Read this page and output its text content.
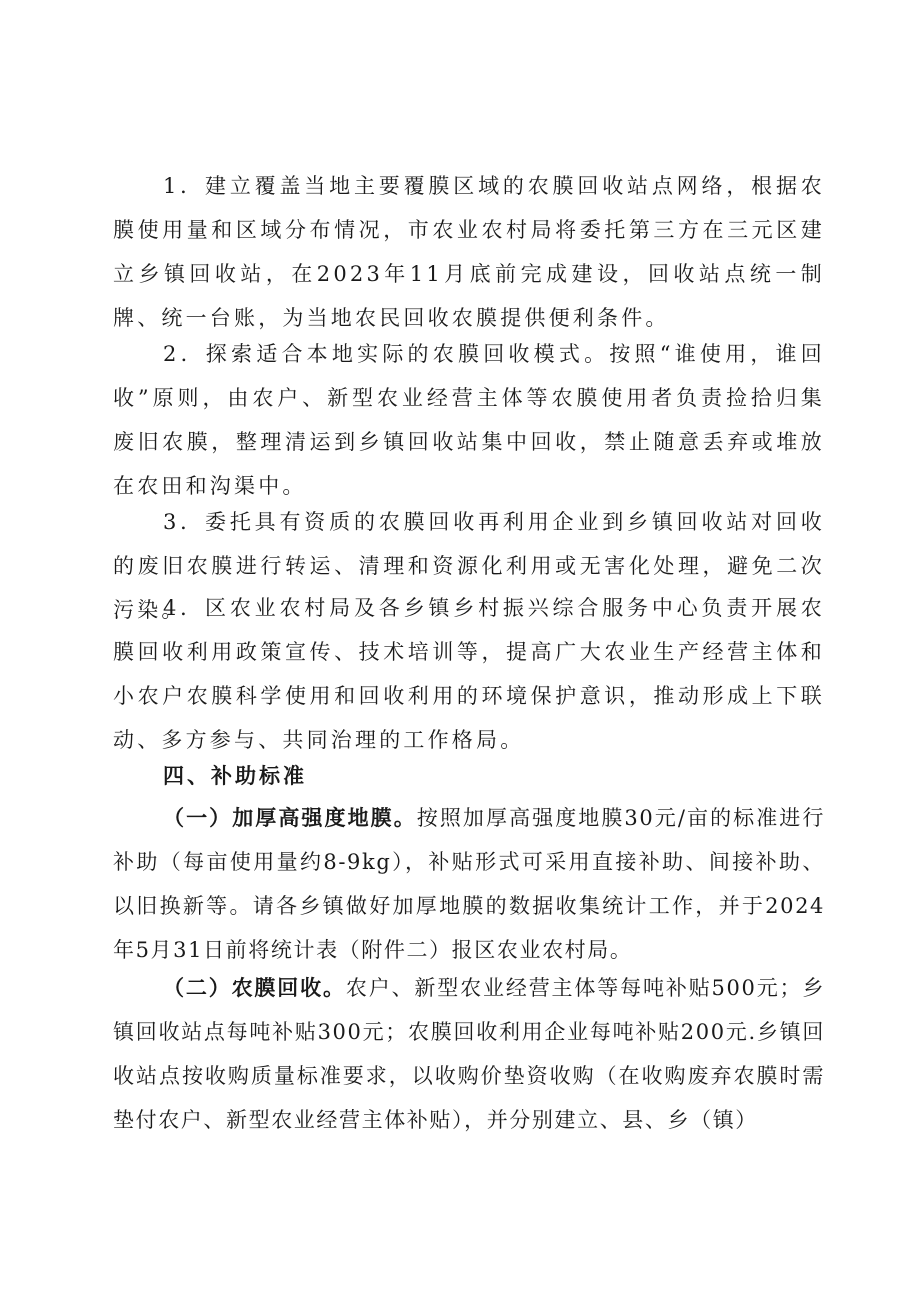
1．建立覆盖当地主要覆膜区域的农膜回收站点网络，根据农膜使用量和区域分布情况，市农业农村局将委托第三方在三元区建立乡镇回收站，在2023年11月底前完成建设，回收站点统一制牌、统一台账，为当地农民回收农膜提供便利条件。

2．探索适合本地实际的农膜回收模式。按照“谁使用，谁回收”原则，由农户、新型农业经营主体等农膜使用者负责捡拾归集废旧农膜，整理清运到乡镇回收站集中回收，禁止随意丢弃或堆放在农田和沟渠中。

3．委托具有资质的农膜回收再利用企业到乡镇回收站对回收的废旧农膜进行转运、清理和资源化利用或无害化处理，避免二次污染。

4．区农业农村局及各乡镇乡村振兴综合服务中心负责开展农膜回收利用政策宣传、技术培训等，提高广大农业生产经营主体和小农户农膜科学使用和回收利用的环境保护意识，推动形成上下联动、多方参与、共同治理的工作格局。

四、补助标准

（一）加厚高强度地膜。按照加厚高强度地膜30元/亩的标准进行补助（每亩使用量约8-9kg），补贴形式可采用直接补助、间接补助、以旧换新等。请各乡镇做好加厚地膜的数据收集统计工作，并于2024年5月31日前将统计表（附件二）报区农业农村局。

（二）农膜回收。农户、新型农业经营主体等每吨补贴500元；乡镇回收站点每吨补贴300元；农膜回收利用企业每吨补贴200元.乡镇回收站点按收购质量标准要求，以收购价垫资收购（在收购废弃农膜时需垫付农户、新型农业经营主体补贴），并分别建立、县、乡（镇）
